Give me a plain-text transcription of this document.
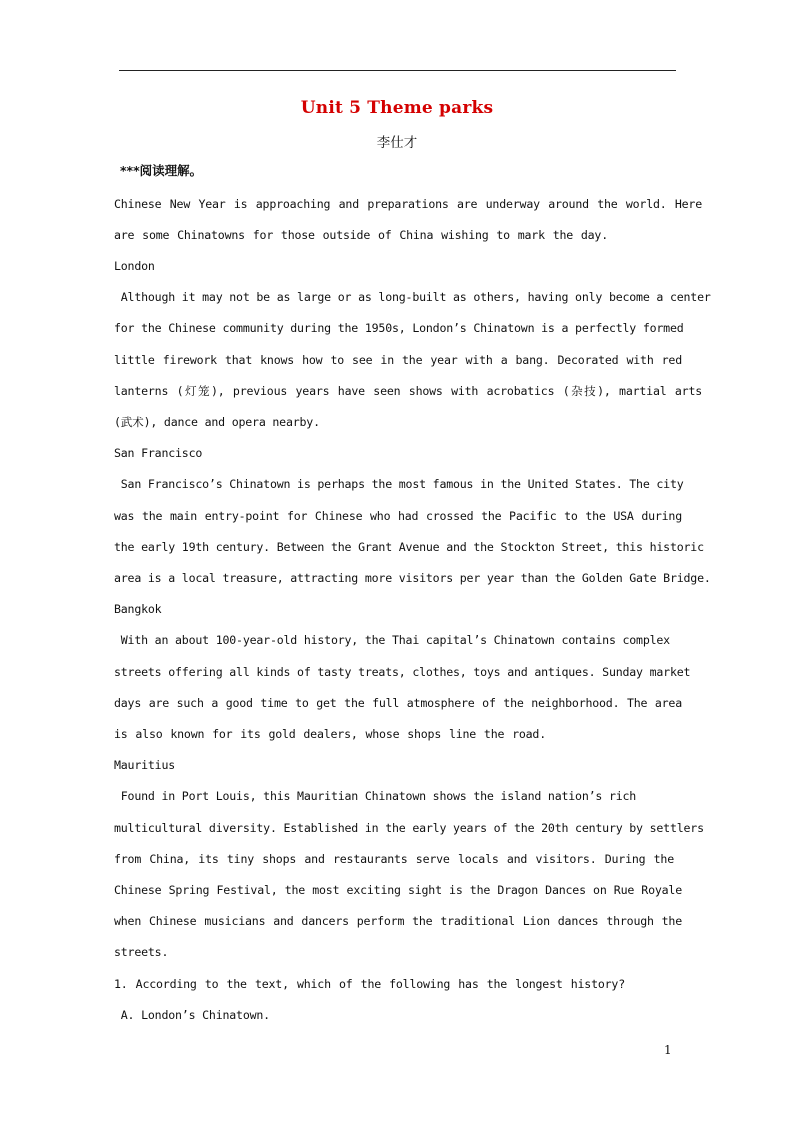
Unit 5 Theme parks
李仕才
***阅读理解。
Chinese New Year is approaching and preparations are underway around the world. Here
are some Chinatowns for those outside of China wishing to mark the day.
London
Although it may not be as large or as long-built as others, having only become a center
for the Chinese community during the 1950s, London’s Chinatown is a perfectly formed
little firework that knows how to see in the year with a bang. Decorated with red
lanterns (灯笼), previous years have seen shows with acrobatics (杂技), martial arts
(武术), dance and opera nearby.
San Francisco
San Francisco’s Chinatown is perhaps the most famous in the United States. The city
was the main entry-point for Chinese who had crossed the Pacific to the USA during
the early 19th century. Between the Grant Avenue and the Stockton Street, this historic
area is a local treasure, attracting more visitors per year than the Golden Gate Bridge.
Bangkok
With an about 100-year-old history, the Thai capital’s Chinatown contains complex
streets offering all kinds of tasty treats, clothes, toys and antiques. Sunday market
days are such a good time to get the full atmosphere of the neighborhood. The area
is also known for its gold dealers, whose shops line the road.
Mauritius
Found in Port Louis, this Mauritian Chinatown shows the island nation’s rich
multicultural diversity. Established in the early years of the 20th century by settlers
from China, its tiny shops and restaurants serve locals and visitors. During the
Chinese Spring Festival, the most exciting sight is the Dragon Dances on Rue Royale
when Chinese musicians and dancers perform the traditional Lion dances through the
streets.
1. According to the text, which of the following has the longest history?
A. London’s Chinatown.
1
